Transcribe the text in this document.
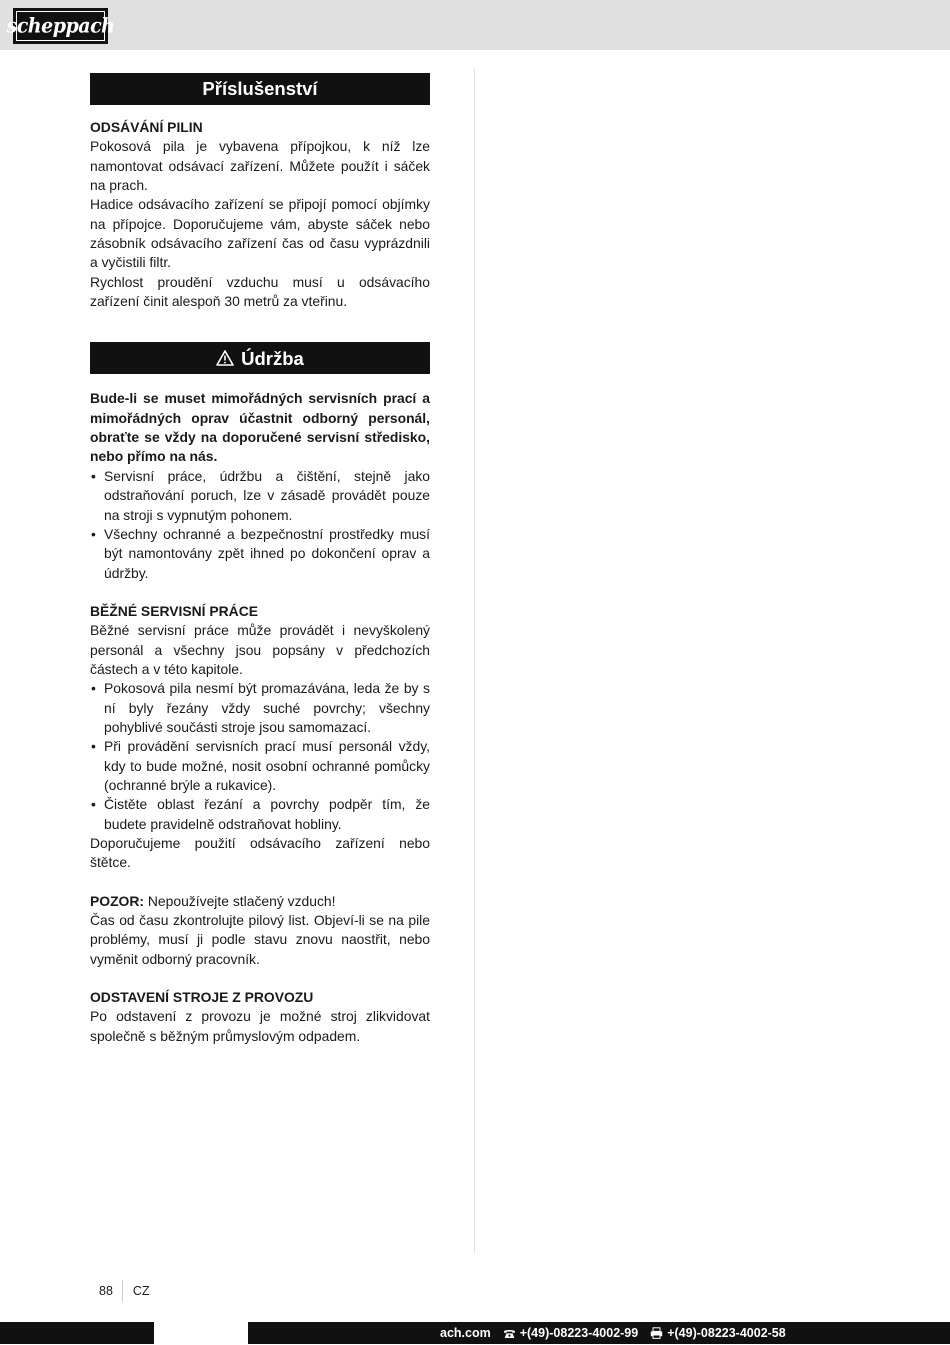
scheppach
Příslušenství
ODSÁVÁNÍ PILIN

Pokosová pila je vybavena přípojkou, k níž lze namontovat odsávací zařízení. Můžete použít i sáček na prach.

Hadice odsávacího zařízení se připojí pomocí objímky na přípojce. Doporučujeme vám, abyste sáček nebo zásobník odsávacího zařízení čas od času vyprázdnili a vyčistili filtr.

Rychlost proudění vzduchu musí u odsávacího zařízení činit alespoň 30 metrů za vteřinu.

Údržba

Bude-li se muset mimořádných servisních prací a mimořádných oprav účastnit odborný personál, obraťte se vždy na doporučené servisní středisko, nebo přímo na nás.

• Servisní práce, údržbu a čištění, stejně jako odstraňování poruch, lze v zásadě provádět pouze na stroji s vypnutým pohonem.
• Všechny ochranné a bezpečnostní prostředky musí být namontovány zpět ihned po dokončení oprav a údržby.
BĚŽNÉ SERVISNÍ PRÁCE

Běžné servisní práce může provádět i nevyškolený personál a všechny jsou popsány v předchozích částech a v této kapitole.

• Pokosová pila nesmí být promazávána, leda že by s ní byly řezány vždy suché povrchy; všechny pohyblivé součásti stroje jsou samomazací.
• Při provádění servisních prací musí personál vždy, kdy to bude možné, nosit osobní ochranné pomůcky (ochranné brýle a rukavice).
• Čistěte oblast řezání a povrchy podpěr tím, že budete pravidelně odstraňovat hobliny.

Doporučujeme použití odsávacího zařízení nebo štětce.

POZOR: Nepoužívejte stlačený vzduch!

Čas od času zkontrolujte pilový list. Objeví-li se na pile problémy, musí ji podle stavu znovu naostřit, nebo vyměnit odborný pracovník.

ODSTAVENÍ STROJE Z PROVOZU

Po odstavení z provozu je možné stroj zlikvidovat společně s běžným průmyslovým odpadem.

88	CZ
ach.com +(49)-08223-4002-99 +(49)-08223-4002-58
